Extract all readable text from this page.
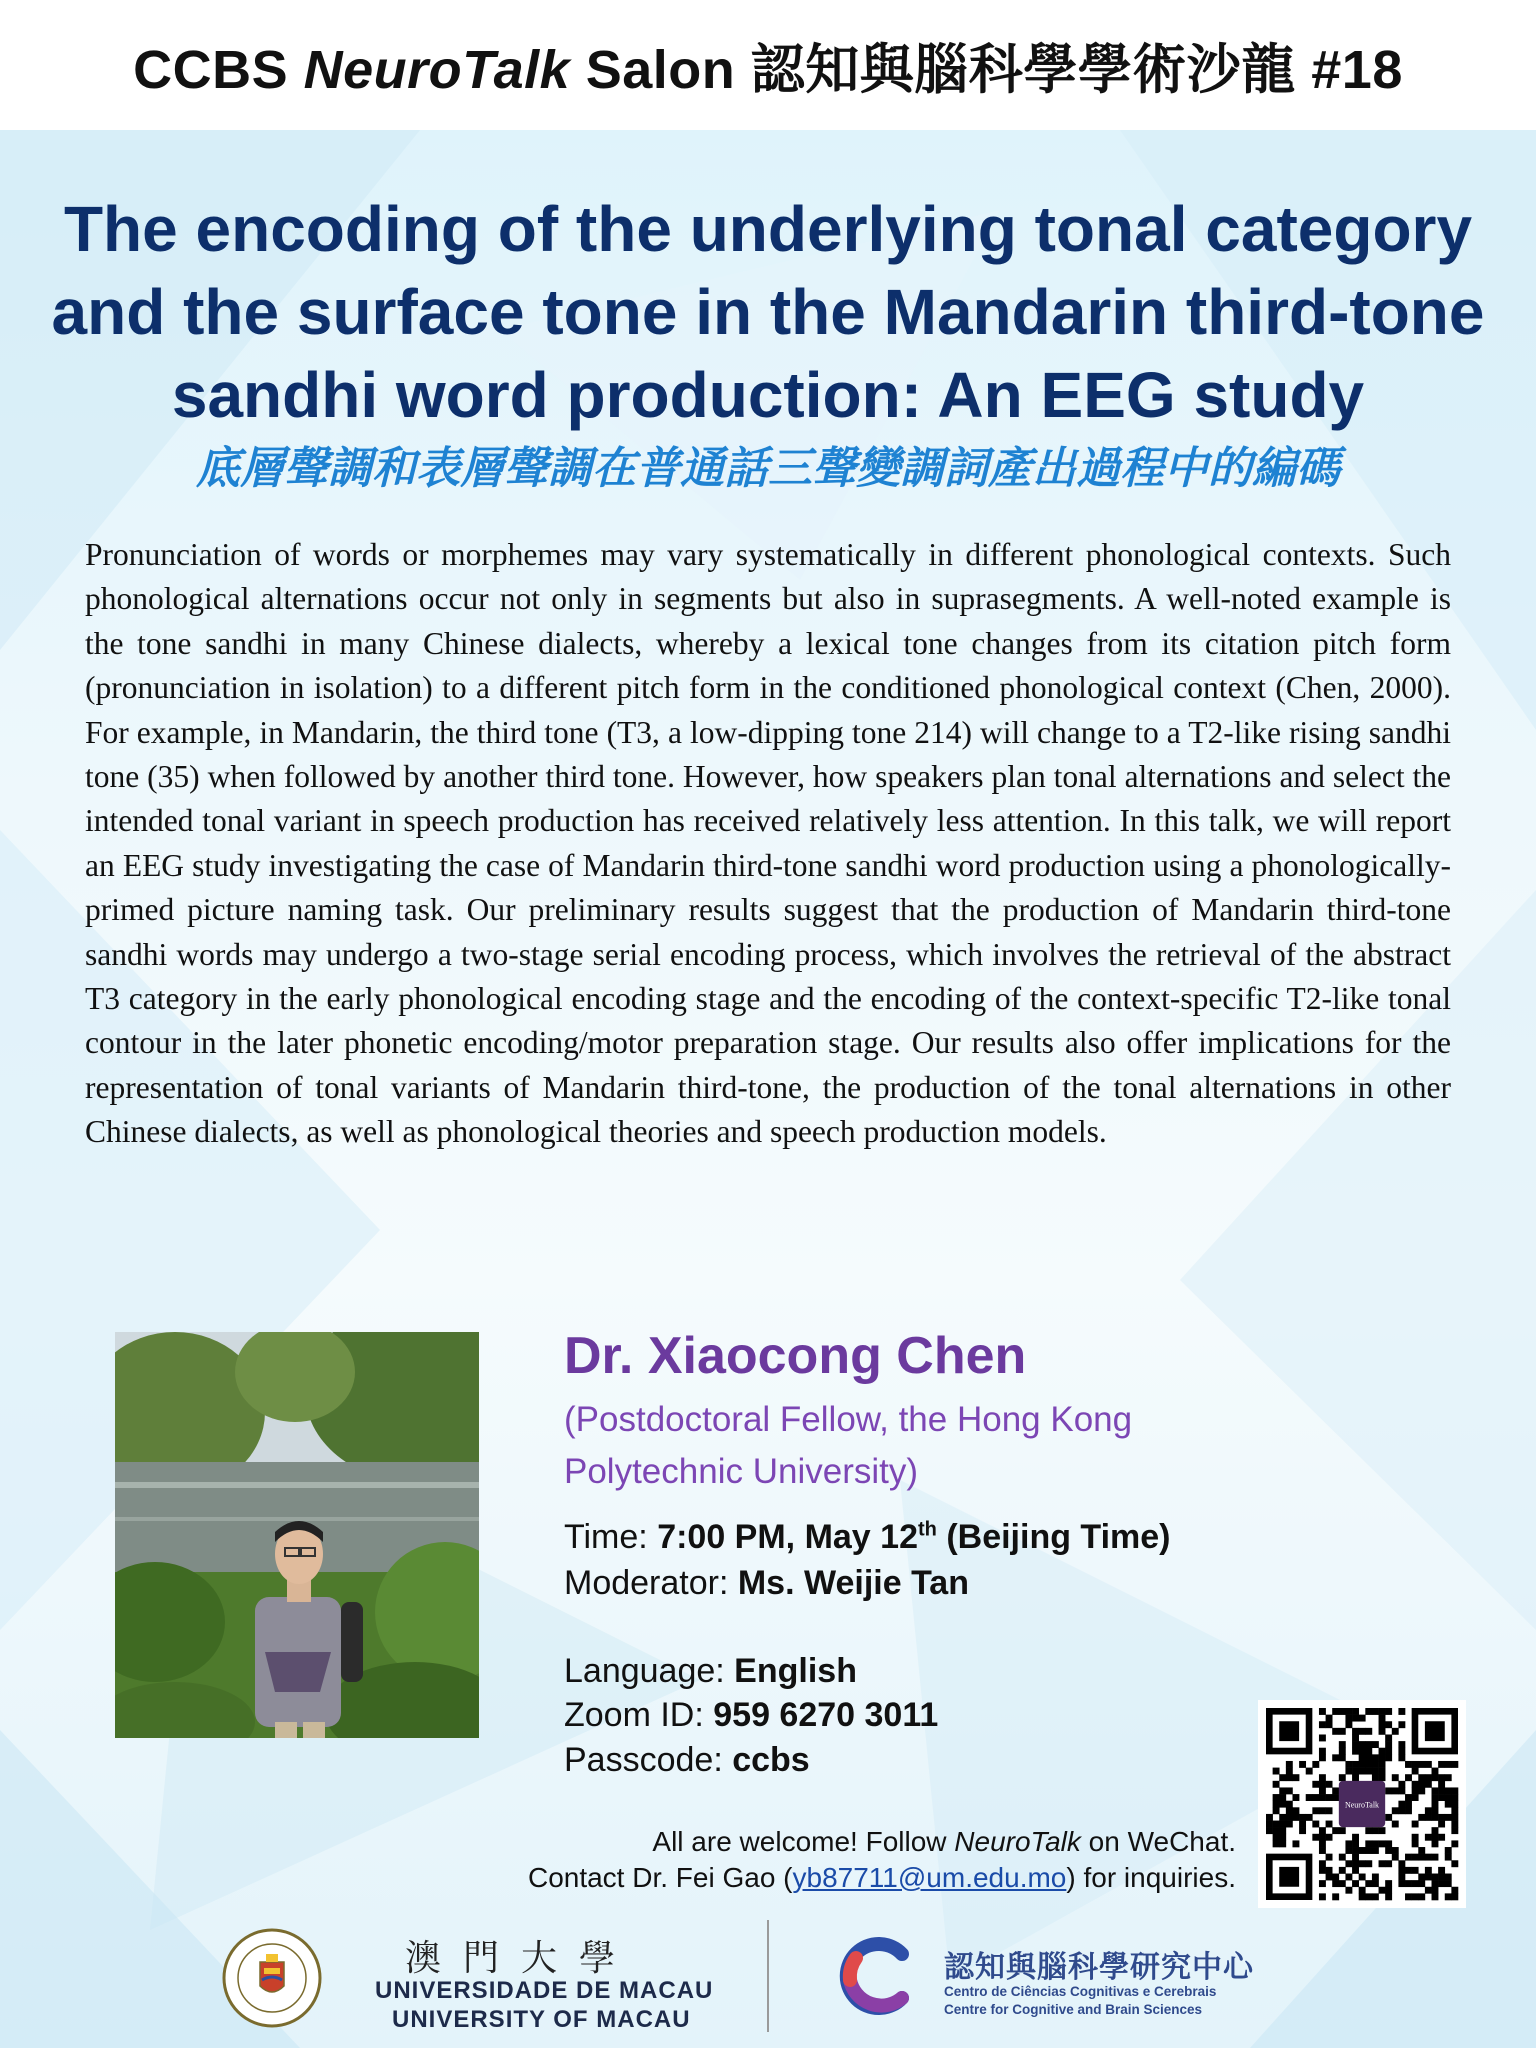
CCBS NeuroTalk Salon 認知與腦科學學術沙龍 #18
The encoding of the underlying tonal category and the surface tone in the Mandarin third-tone sandhi word production: An EEG study
底層聲調和表層聲調在普通話三聲變調詞產出過程中的編碼
Pronunciation of words or morphemes may vary systematically in different phonological contexts. Such phonological alternations occur not only in segments but also in suprasegments. A well-noted example is the tone sandhi in many Chinese dialects, whereby a lexical tone changes from its citation pitch form (pronunciation in isolation) to a different pitch form in the conditioned phonological context (Chen, 2000). For example, in Mandarin, the third tone (T3, a low-dipping tone 214) will change to a T2-like rising sandhi tone (35) when followed by another third tone. However, how speakers plan tonal alternations and select the intended tonal variant in speech production has received relatively less attention. In this talk, we will report an EEG study investigating the case of Mandarin third-tone sandhi word production using a phonologically-primed picture naming task. Our preliminary results suggest that the production of Mandarin third-tone sandhi words may undergo a two-stage serial encoding process, which involves the retrieval of the abstract T3 category in the early phonological encoding stage and the encoding of the context-specific T2-like tonal contour in the later phonetic encoding/motor preparation stage. Our results also offer implications for the representation of tonal variants of Mandarin third-tone, the production of the tonal alternations in other Chinese dialects, as well as phonological theories and speech production models.
Dr. Xiaocong Chen
(Postdoctoral Fellow, the Hong Kong
Polytechnic University)
Time: 7:00 PM, May 12th (Beijing Time)
Moderator: Ms. Weijie Tan
Language: English
Zoom ID: 959 6270 3011
Passcode: ccbs
All are welcome! Follow NeuroTalk on WeChat.
Contact Dr. Fei Gao (yb87711@um.edu.mo) for inquiries.
NeuroTalk
澳門大學
UNIVERSIDADE DE MACAU
UNIVERSITY OF MACAU
認知與腦科學研究中心
Centro de Ciências Cognitivas e Cerebrais
Centre for Cognitive and Brain Sciences
